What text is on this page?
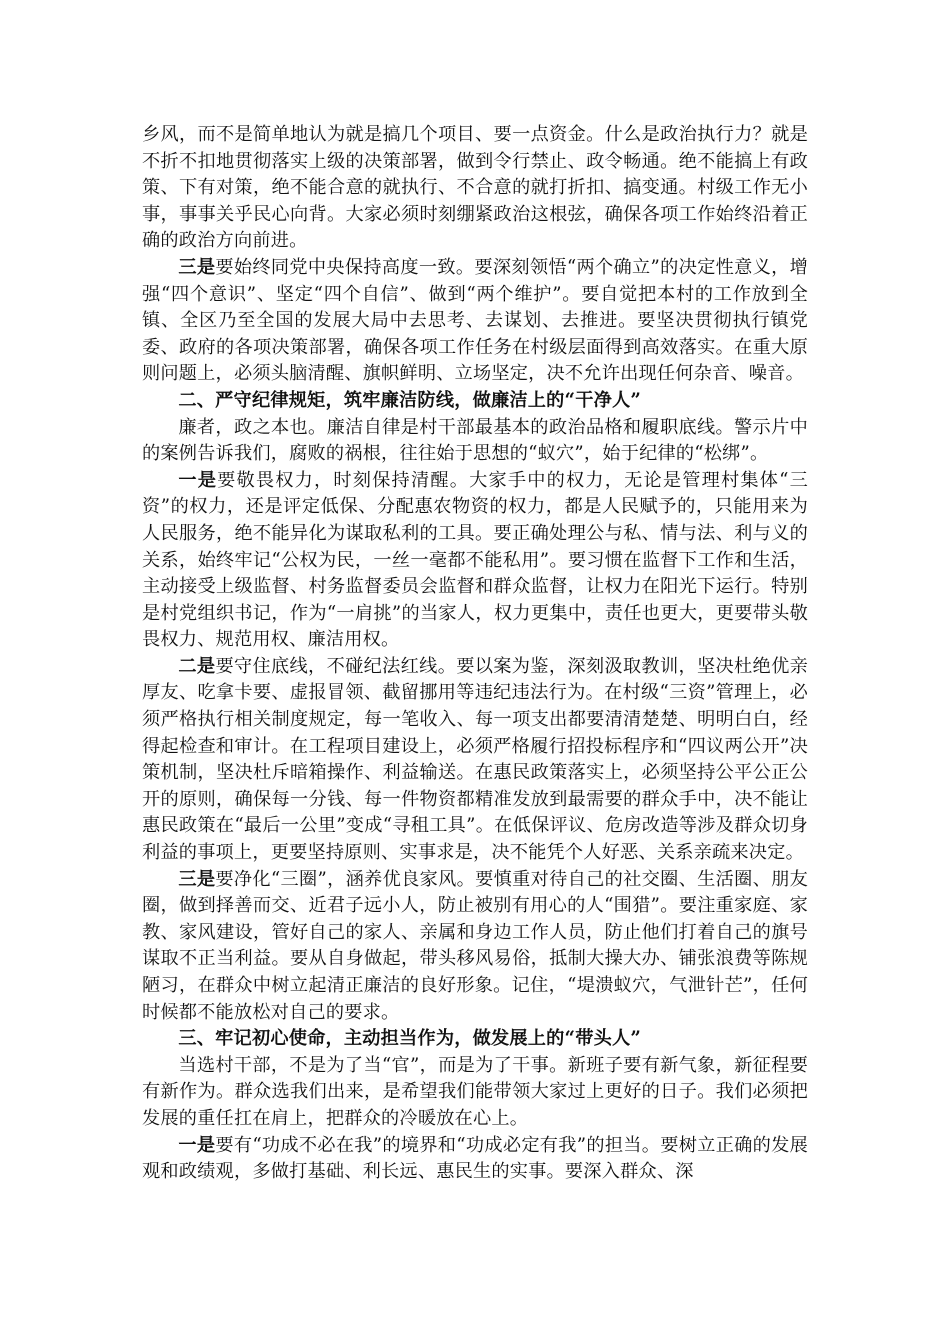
乡风，而不是简单地认为就是搞几个项目、要一点资金。什么是政治执行力？就是不折不扣地贯彻落实上级的决策部署，做到令行禁止、政令畅通。绝不能搞上有政策、下有对策，绝不能合意的就执行、不合意的就打折扣、搞变通。村级工作无小事，事事关乎民心向背。大家必须时刻绷紧政治这根弦，确保各项工作始终沿着正确的政治方向前进。

三是要始终同党中央保持高度一致。要深刻领悟“两个确立”的决定性意义，增强“四个意识”、坚定“四个自信”、做到“两个维护”。要自觉把本村的工作放到全镇、全区乃至全国的发展大局中去思考、去谋划、去推进。要坚决贯彻执行镇党委、政府的各项决策部署，确保各项工作任务在村级层面得到高效落实。在重大原则问题上，必须头脑清醒、旗帜鲜明、立场坚定，决不允许出现任何杂音、噪音。

二、严守纪律规矩，筑牢廉洁防线，做廉洁上的“干净人”

廉者，政之本也。廉洁自律是村干部最基本的政治品格和履职底线。警示片中的案例告诉我们，腐败的祸根，往往始于思想的“蚁穴”，始于纪律的“松绑”。

一是要敬畏权力，时刻保持清醒。大家手中的权力，无论是管理村集体“三资”的权力，还是评定低保、分配惠农物资的权力，都是人民赋予的，只能用来为人民服务，绝不能异化为谋取私利的工具。要正确处理公与私、情与法、利与义的关系，始终牢记“公权为民，一丝一毫都不能私用”。要习惯在监督下工作和生活，主动接受上级监督、村务监督委员会监督和群众监督，让权力在阳光下运行。特别是村党组织书记，作为“一肩挑”的当家人，权力更集中，责任也更大，更要带头敬畏权力、规范用权、廉洁用权。

二是要守住底线，不碰纪法红线。要以案为鉴，深刻汲取教训，坚决杜绝优亲厚友、吃拿卡要、虚报冒领、截留挪用等违纪违法行为。在村级“三资”管理上，必须严格执行相关制度规定，每一笔收入、每一项支出都要清清楚楚、明明白白，经得起检查和审计。在工程项目建设上，必须严格履行招投标程序和“四议两公开”决策机制，坚决杜斥暗箱操作、利益输送。在惠民政策落实上，必须坚持公平公正公开的原则，确保每一分钱、每一件物资都精准发放到最需要的群众手中，决不能让惠民政策在“最后一公里”变成“寻租工具”。在低保评议、危房改造等涉及群众切身利益的事项上，更要坚持原则、实事求是，决不能凭个人好恶、关系亲疏来决定。

三是要净化“三圈”，涵养优良家风。要慎重对待自己的社交圈、生活圈、朋友圈，做到择善而交、近君子远小人，防止被别有用心的人“围猎”。要注重家庭、家教、家风建设，管好自己的家人、亲属和身边工作人员，防止他们打着自己的旗号谋取不正当利益。要从自身做起，带头移风易俗，抵制大操大办、铺张浪费等陈规陋习，在群众中树立起清正廉洁的良好形象。记住，“堤溃蚁穴，气泄针芒”，任何时候都不能放松对自己的要求。

三、牢记初心使命，主动担当作为，做发展上的“带头人”

当选村干部，不是为了当“官”，而是为了干事。新班子要有新气象，新征程要有新作为。群众选我们出来，是希望我们能带领大家过上更好的日子。我们必须把发展的重任扛在肩上，把群众的冷暖放在心上。

一是要有“功成不必在我”的境界和“功成必定有我”的担当。要树立正确的发展观和政绩观，多做打基础、利长远、惠民生的实事。要深入群众、深
